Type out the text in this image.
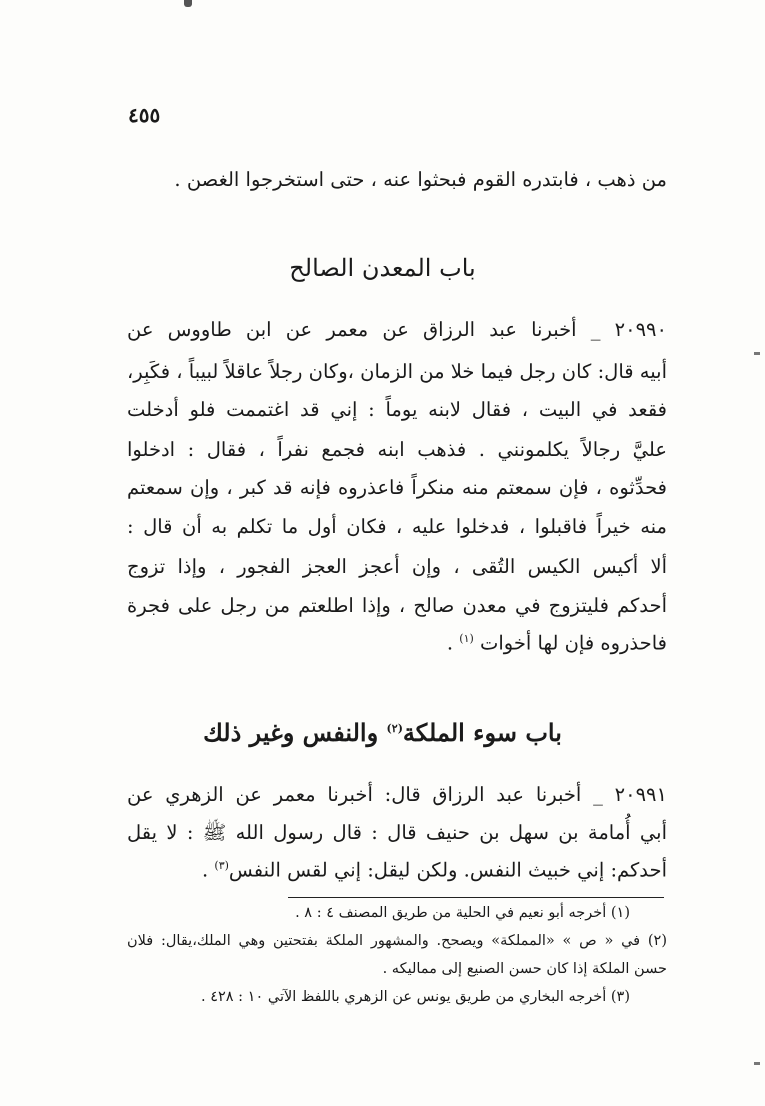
٤٥٥
من ذهب ، فابتدره القوم فبحثوا عنه ، حتى استخرجوا الغصن .
باب المعدن الصالح
٢٠٩٩٠ _ أخبرنا عبد الرزاق عن معمر عن ابن طاووس عن
أبيه قال: كان رجل فيما خلا من الزمان ،وكان رجلاً عاقلاً لبيباً ، فكَبِر،
فقعد في البيت ، فقال لابنه يوماً : إني قد اغتممت فلو أدخلت
عليَّ رجالاً يكلمونني . فذهب ابنه فجمع نفراً ، فقال : ادخلوا
فحدِّثوه ، فإن سمعتم منه منكراً فاعذروه فإنه قد كبر ، وإن سمعتم
منه خيراً فاقبلوا ، فدخلوا عليه ، فكان أول ما تكلم به أن قال :
ألا أكيس الكيس التُقى ، وإن أعجز العجز الفجور ، وإذا تزوج
أحدكم فليتزوج في معدن صالح ، وإذا اطلعتم من رجل على فجرة
فاحذروه فإن لها أخوات $^{(١)}$ .
باب سوء الملكة$^{(٢)}$ والنفس وغير ذلك
٢٠٩٩١ _ أخبرنا عبد الرزاق قال: أخبرنا معمر عن الزهري عن
أبي أُمامة بن سهل بن حنيف قال : قال رسول الله ﷺ : لا يقل
أحدكم: إني خبيث النفس. ولكن ليقل: إني لقس النفس$^{(٣)}$ .
(١) أخرجه أبو نعيم في الحلية من طريق المصنف ٤ : ٨ .
(٢) في « ص » «المملكة» ويصحح. والمشهور الملكة بفتحتين وهي الملك،يقال: فلان
حسن الملكة إذا كان حسن الصنيع إلى مماليكه .
(٣) أخرجه البخاري من طريق يونس عن الزهري باللفظ الآتي ١٠ : ٤٢٨ .
